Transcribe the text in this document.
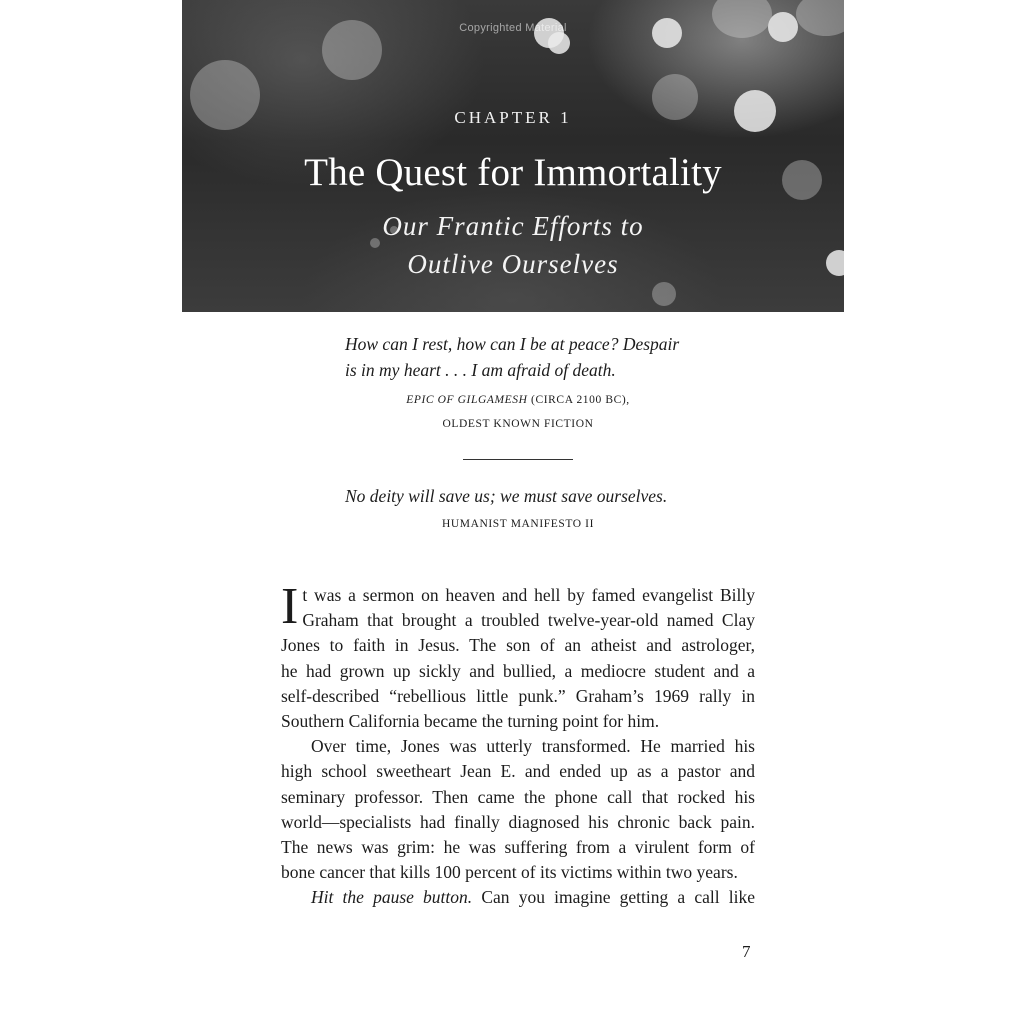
Copyrighted Material
CHAPTER 1
The Quest for Immortality
Our Frantic Efforts to
Outlive Ourselves
How can I rest, how can I be at peace? Despair
is in my heart . . . I am afraid of death.
EPIC OF GILGAMESH (CIRCA 2100 BC),
OLDEST KNOWN FICTION
No deity will save us; we must save ourselves.
HUMANIST MANIFESTO II
I t was a sermon on heaven and hell by famed evangelist Billy
Graham that brought a troubled twelve-year-old named Clay
Jones to faith in Jesus. The son of an atheist and astrologer,
he had grown up sickly and bullied, a mediocre student and a
self-described “rebellious little punk.” Graham’s 1969 rally in
Southern California became the turning point for him.
Over time, Jones was utterly transformed. He married his
high school sweetheart Jean E. and ended up as a pastor and
seminary professor. Then came the phone call that rocked his
world—specialists had finally diagnosed his chronic back pain.
The news was grim: he was suffering from a virulent form of
bone cancer that kills 100 percent of its victims within two years.
Hit the pause button. Can you imagine getting a call like
7
